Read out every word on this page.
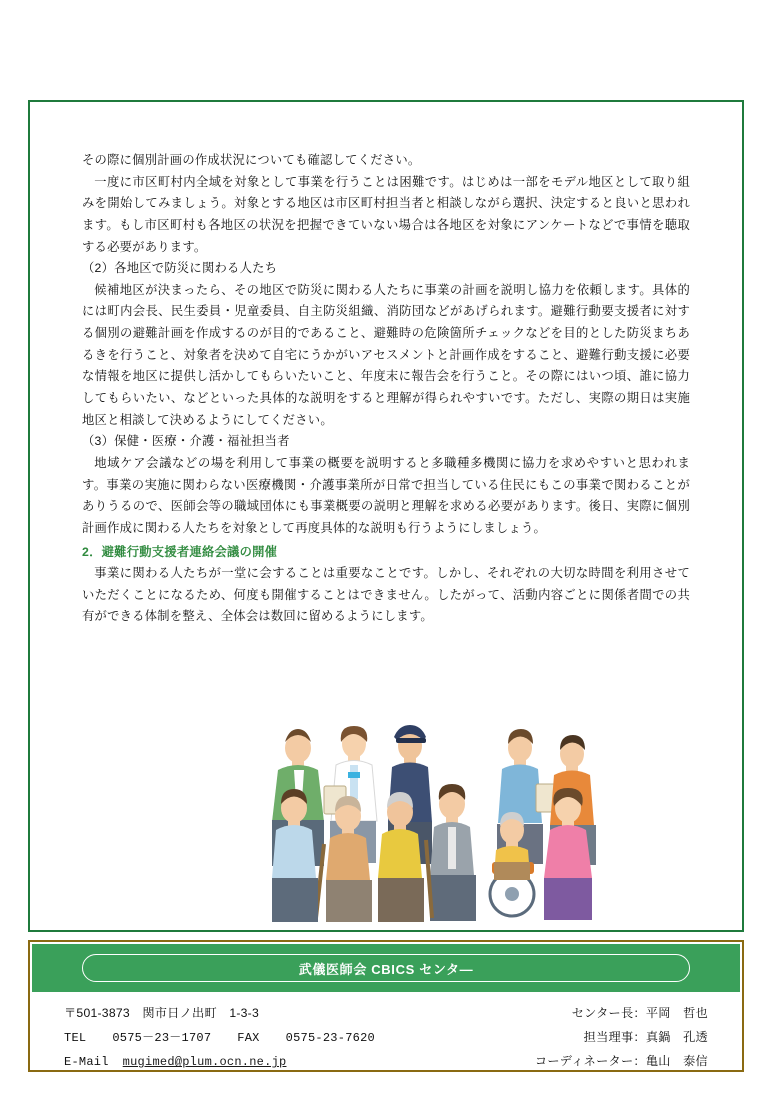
その際に個別計画の作成状況についても確認してください。

一度に市区町村内全域を対象として事業を行うことは困難です。はじめは一部をモデル地区として取り組みを開始してみましょう。対象とする地区は市区町村担当者と相談しながら選択、決定すると良いと思われます。もし市区町村も各地区の状況を把握できていない場合は各地区を対象にアンケートなどで事情を聴取する必要があります。

（2）各地区で防災に関わる人たち

候補地区が決まったら、その地区で防災に関わる人たちに事業の計画を説明し協力を依頼します。具体的には町内会長、民生委員・児童委員、自主防災組織、消防団などがあげられます。避難行動要支援者に対する個別の避難計画を作成するのが目的であること、避難時の危険箇所チェックなどを目的とした防災まちあるきを行うこと、対象者を決めて自宅にうかがいアセスメントと計画作成をすること、避難行動支援に必要な情報を地区に提供し活かしてもらいたいこと、年度末に報告会を行うこと。その際にはいつ頃、誰に協力してもらいたい、などといった具体的な説明をすると理解が得られやすいです。ただし、実際の期日は実施地区と相談して決めるようにしてください。

（3）保健・医療・介護・福祉担当者

地域ケア会議などの場を利用して事業の概要を説明すると多職種多機関に協力を求めやすいと思われます。事業の実施に関わらない医療機関・介護事業所が日常で担当している住民にもこの事業で関わることがありうるので、医師会等の職域団体にも事業概要の説明と理解を求める必要があります。後日、実際に個別計画作成に関わる人たちを対象として再度具体的な説明も行うようにしましょう。

2．避難行動支援者連絡会議の開催

事業に関わる人たちが一堂に会することは重要なことです。しかし、それぞれの大切な時間を利用させていただくことになるため、何度も開催することはできません。したがって、活動内容ごとに関係者間での共有ができる体制を整え、全体会は数回に留めるようにします。

武儀医師会 CBICS センタ―
〒501-3873　関市日ノ出町　1-3-3	センター長：平岡　哲也
TEL 0575－23－1707 FAX 0575-23-7620	担当理事：真鍋　孔透
E-Mail mugimed@plum.ocn.ne.jp	コーディネーター：亀山　泰信
